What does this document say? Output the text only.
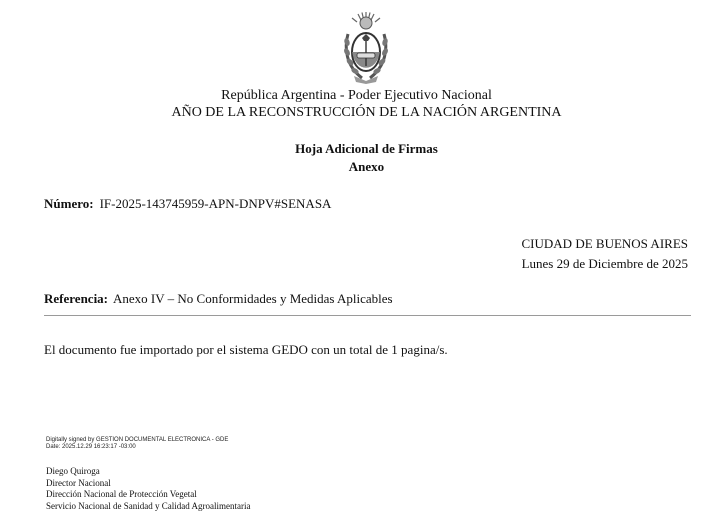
República Argentina - Poder Ejecutivo Nacional
AÑO DE LA RECONSTRUCCIÓN DE LA NACIÓN ARGENTINA
Hoja Adicional de Firmas
Anexo
Número: IF-2025-143745959-APN-DNPV#SENASA
CIUDAD DE BUENOS AIRES
Lunes 29 de Diciembre de 2025
Referencia: Anexo IV – No Conformidades y Medidas Aplicables
El documento fue importado por el sistema GEDO con un total de 1 pagina/s.
Digitally signed by GESTION DOCUMENTAL ELECTRONICA - GDE
Date: 2025.12.29 16:23:17 -03:00
Diego Quiroga
Director Nacional
Dirección Nacional de Protección Vegetal
Servicio Nacional de Sanidad y Calidad Agroalimentaria
